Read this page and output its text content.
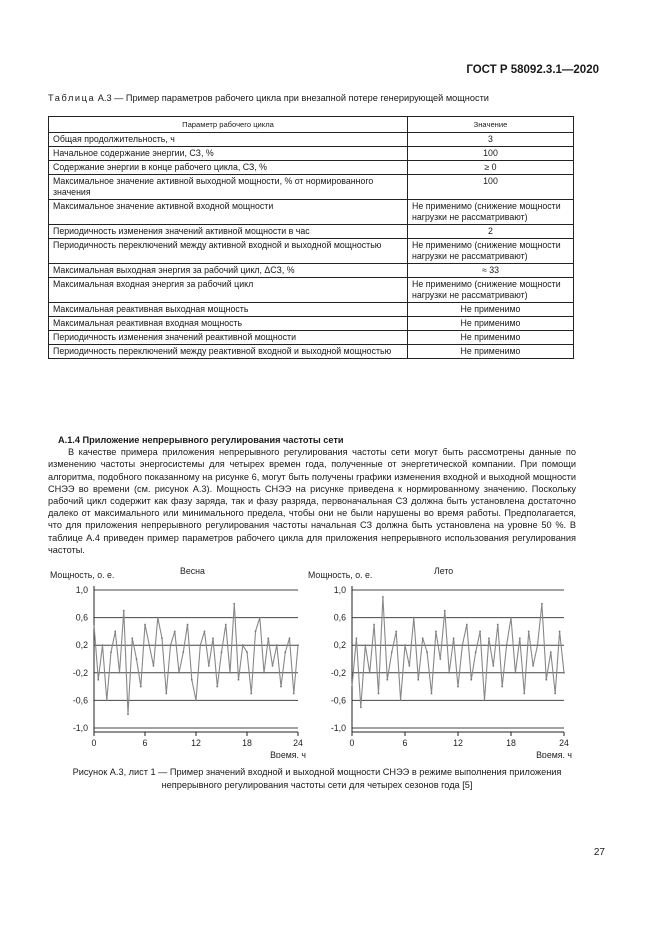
ГОСТ Р 58092.3.1—2020
Таблица А.3 — Пример параметров рабочего цикла при внезапной потере генерирующей мощности
Параметр рабочего цикла	Значение
Общая продолжительность, ч	3
Начальное содержание энергии, СЗ, %	100
Содержание энергии в конце рабочего цикла, СЗ, %	≥ 0
Максимальное значение активной выходной мощности, % от нормированного значения	100
Максимальное значение активной входной мощности	Не применимо (снижение мощности нагрузки не рассматривают)
Периодичность изменения значений активной мощности в час	2
Периодичность переключений между активной входной и выходной мощностью	Не применимо (снижение мощности нагрузки не рассматривают)
Максимальная выходная энергия за рабочий цикл, ΔСЗ, %	≈ 33
Максимальная входная энергия за рабочий цикл	Не применимо (снижение мощности нагрузки не рассматривают)
Максимальная реактивная выходная мощность	Не применимо
Максимальная реактивная входная мощность	Не применимо
Периодичность изменения значений реактивной мощности	Не применимо
Периодичность переключений между реактивной входной и выходной мощностью	Не применимо
А.1.4 Приложение непрерывного регулирования частоты сети

В качестве примера приложения непрерывного регулирования частоты сети могут быть рассмотрены данные по изменению частоты энергосистемы для четырех времен года, полученные от энергетической компании. При помощи алгоритма, подобного показанному на рисунке 6, могут быть получены графики изменения входной и выходной мощности СНЭЭ во времени (см. рисунок А.3). Мощность СНЭЭ на рисунке приведена к нормированному значению. Поскольку рабочий цикл содержит как фазу заряда, так и фазу разряда, первоначальная СЗ должна быть установлена достаточно далеко от максимального или минимального предела, чтобы они не были нарушены во время работы. Предполагается, что для приложения непрерывного регулирования частоты начальная СЗ должна быть установлена на уровне 50 %. В таблице А.4 приведен пример параметров рабочего цикла для приложения непрерывного использования регулирования частоты.

Мощность, о. е.	Весна
1,0
0,6
0,2
-0,2
-0,6
-1,0
0	6	12	18	24
Время, ч
Мощность, о. е.	Лето
1,0
0,6
0,2
-0,2
-0,6
-1,0
0	6	12	18	24
Время, ч
Рисунок А.3, лист 1 — Пример значений входной и выходной мощности СНЭЭ в режиме выполнения приложения непрерывного регулирования частоты сети для четырех сезонов года [5]
27
